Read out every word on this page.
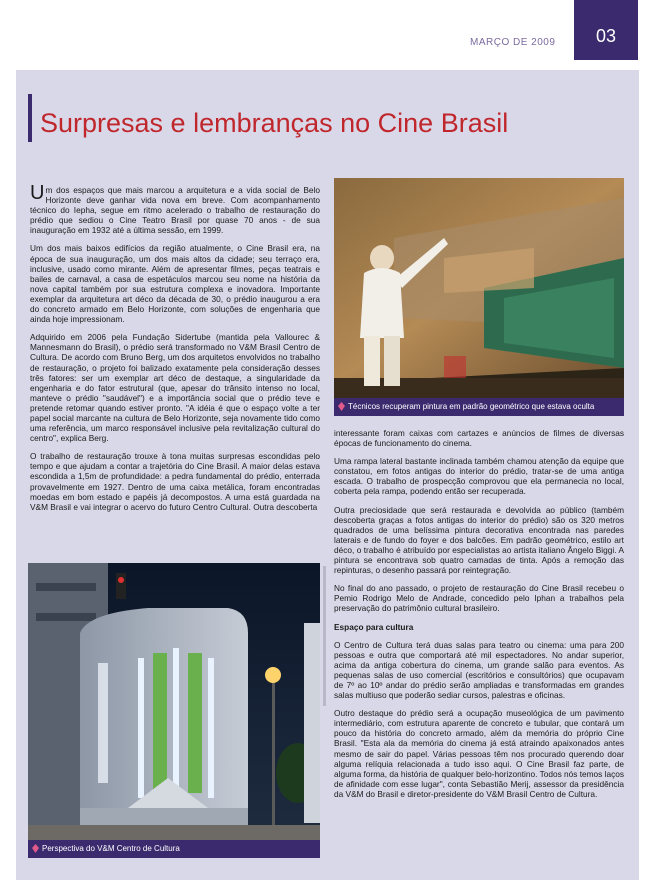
03
MARÇO DE 2009
Surpresas e lembranças no Cine Brasil

Um dos espaços que mais marcou a arquitetura e a vida social de Belo Horizonte deve ganhar vida nova em breve. Com acompanhamento técnico do Iepha, segue em ritmo acelerado o trabalho de restauração do prédio que sediou o Cine Teatro Brasil por quase 70 anos - de sua inauguração em 1932 até a última sessão, em 1999.

Um dos mais baixos edifícios da região atualmente, o Cine Brasil era, na época de sua inauguração, um dos mais altos da cidade; seu terraço era, inclusive, usado como mirante. Além de apresentar filmes, peças teatrais e bailes de carnaval, a casa de espetáculos marcou seu nome na história da nova capital também por sua estrutura complexa e inovadora. Importante exemplar da arquitetura art déco da década de 30, o prédio inaugurou a era do concreto armado em Belo Horizonte, com soluções de engenharia que ainda hoje impressionam.

Adquirido em 2006 pela Fundação Sidertube (mantida pela Vallourec & Mannesmann do Brasil), o prédio será transformado no V&M Brasil Centro de Cultura. De acordo com Bruno Berg, um dos arquitetos envolvidos no trabalho de restauração, o projeto foi balizado exatamente pela consideração desses três fatores: ser um exemplar art déco de destaque, a singularidade da engenharia e do fator estrutural (que, apesar do trânsito intenso no local, manteve o prédio "saudável") e a importância social que o prédio teve e pretende retomar quando estiver pronto. "A idéia é que o espaço volte a ter papel social marcante na cultura de Belo Horizonte, seja novamente tido como uma referência, um marco responsável inclusive pela revitalização cultural do centro", explica Berg.

O trabalho de restauração trouxe à tona muitas surpresas escondidas pelo tempo e que ajudam a contar a trajetória do Cine Brasil. A maior delas estava escondida a 1,5m de profundidade: a pedra fundamental do prédio, enterrada provavelmente em 1927. Dentro de uma caixa metálica, foram encontradas moedas em bom estado e papéis já decompostos. A urna está guardada na V&M Brasil e vai integrar o acervo do futuro Centro Cultural. Outra descoberta

Técnicos recuperam pintura em padrão geométrico que estava oculta

interessante foram caixas com cartazes e anúncios de filmes de diversas épocas de funcionamento do cinema.

Uma rampa lateral bastante inclinada também chamou atenção da equipe que constatou, em fotos antigas do interior do prédio, tratar-se de uma antiga escada. O trabalho de prospecção comprovou que ela permanecia no local, coberta pela rampa, podendo então ser recuperada.

Outra preciosidade que será restaurada e devolvida ao público (também descoberta graças a fotos antigas do interior do prédio) são os 320 metros quadrados de uma belíssima pintura decorativa encontrada nas paredes laterais e de fundo do foyer e dos balcões. Em padrão geométrico, estilo art déco, o trabalho é atribuído por especialistas ao artista italiano Ângelo Biggi. A pintura se encontrava sob quatro camadas de tinta. Após a remoção das repinturas, o desenho passará por reintegração.

No final do ano passado, o projeto de restauração do Cine Brasil recebeu o Pemio Rodrigo Melo de Andrade, concedido pelo Iphan a trabalhos pela preservação do patrimônio cultural brasileiro.

Espaço para cultura

O Centro de Cultura terá duas salas para teatro ou cinema: uma para 200 pessoas e outra que comportará até mil espectadores. No andar superior, acima da antiga cobertura do cinema, um grande salão para eventos. As pequenas salas de uso comercial (escritórios e consultórios) que ocupavam de 7º ao 10º andar do prédio serão ampliadas e transformadas em grandes salas multiuso que poderão sediar cursos, palestras e oficinas.

Outro destaque do prédio será a ocupação museológica de um pavimento intermediário, com estrutura aparente de concreto e tubular, que contará um pouco da história do concreto armado, além da memória do próprio Cine Brasil. "Esta ala da memória do cinema já está atraindo apaixonados antes mesmo de sair do papel. Várias pessoas têm nos procurado querendo doar alguma relíquia relacionada a tudo isso aqui. O Cine Brasil faz parte, de alguma forma, da história de qualquer belo-horizontino. Todos nós temos laços de afinidade com esse lugar", conta Sebastião Merij, assessor da presidência da V&M do Brasil e diretor-presidente do V&M Brasil Centro de Cultura.

Perspectiva do V&M Centro de Cultura
